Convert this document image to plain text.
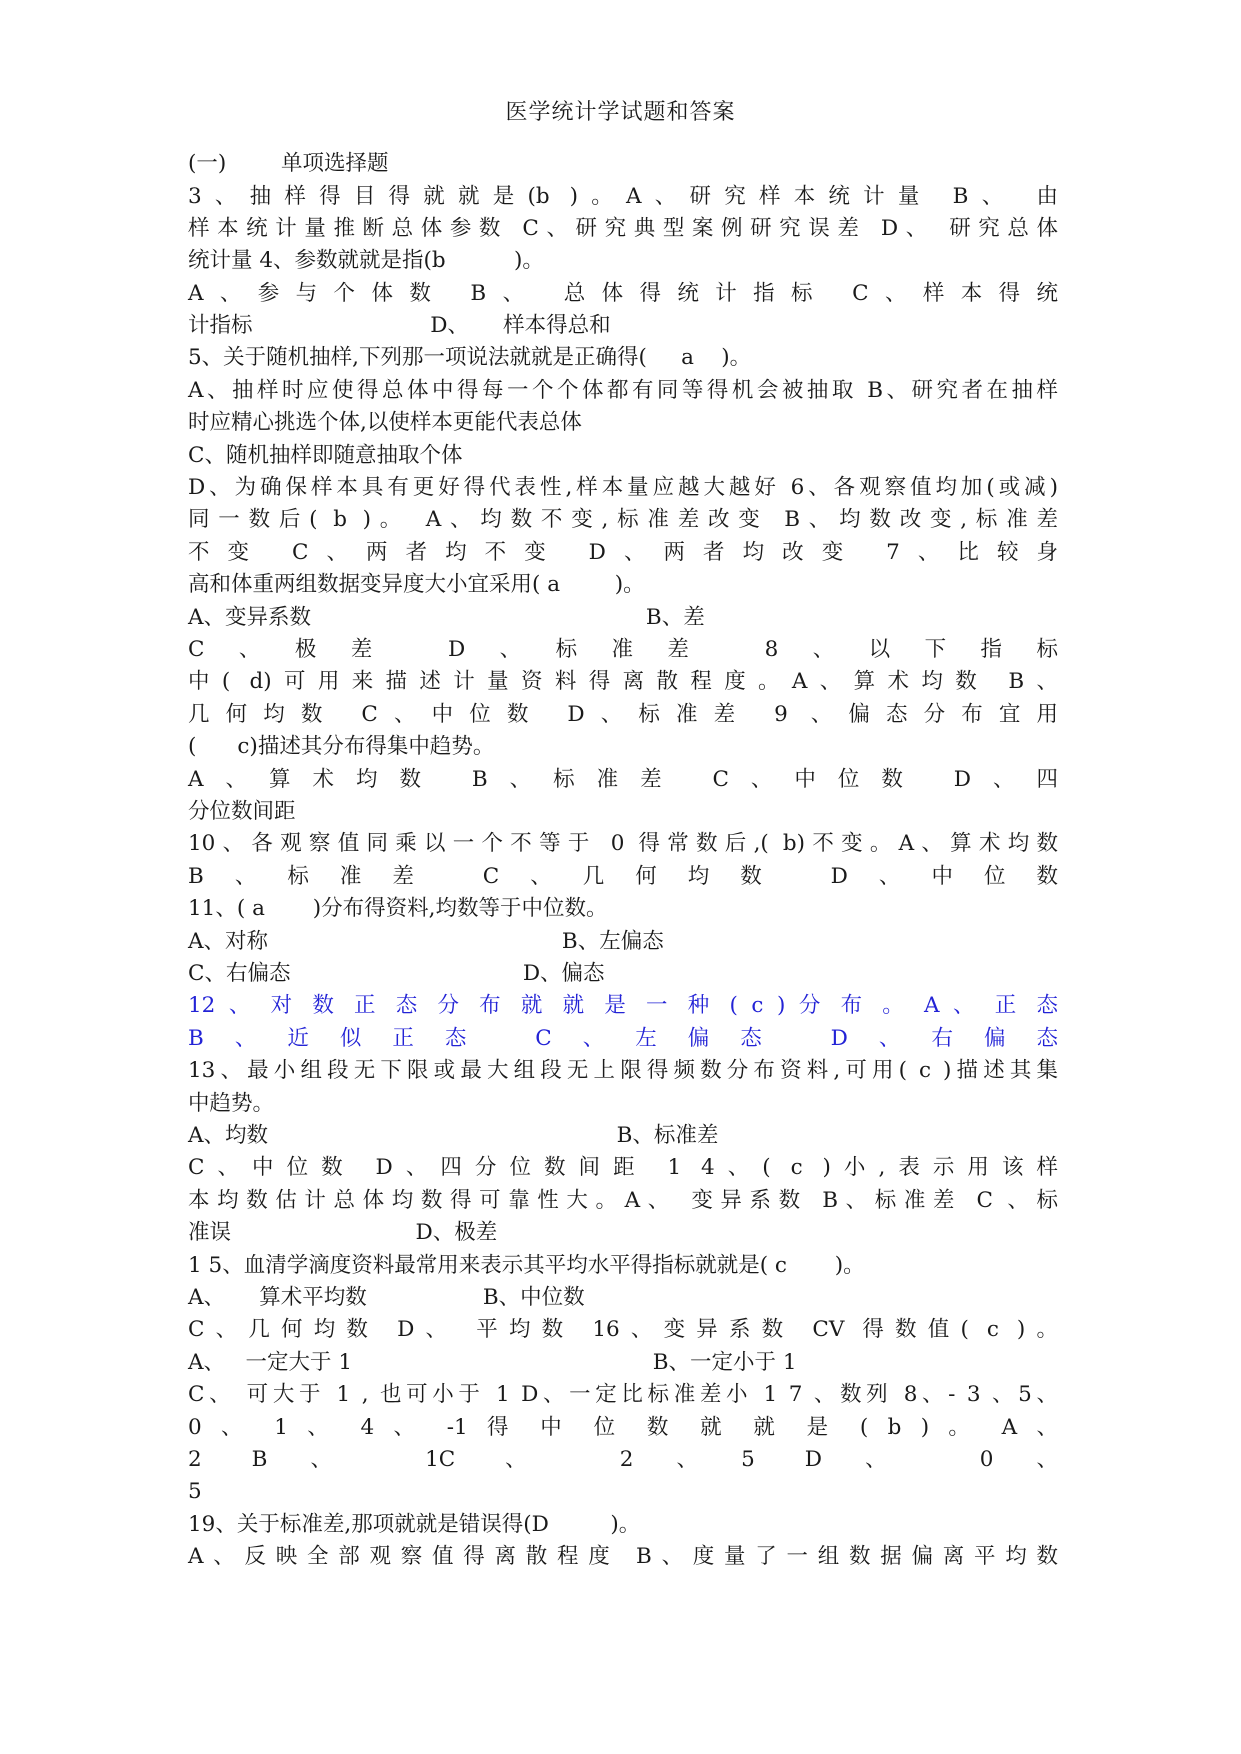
医学统计学试题和答案
(一)        单项选择题
3、抽样得目得就就是(b )。A、研究样本统计量 B、 由
样本统计量推断总体参数 C、研究典型案例研究误差 D、 研究总体
统计量 4、参数就就是指(b          )。
A、参与个体数 B、 总体得统计指标 C、样本得统
计指标                          D、     样本得总和
5、关于随机抽样,下列那一项说法就就是正确得(     a    )。
A、抽样时应使得总体中得每一个个体都有同等得机会被抽取 B、研究者在抽样
时应精心挑选个体,以使样本更能代表总体
C、随机抽样即随意抽取个体
D、为确保样本具有更好得代表性,样本量应越大越好 6、各观察值均加(或减)
同一数后( b )。 A、均数不变,标准差改变 B、均数改变,标准差
不变 C、两者均不变 D、两者均改变 7、比较身
高和体重两组数据变异度大小宜采用( a        )。
A、变异系数                                                 B、差
C、极差 D、标准差 8、以下指标
中( d)可用来描述计量资料得离散程度。A、算术均数 B、
几何均数 C、中位数 D、标准差 9 、偏态分布宜用
(      c)描述其分布得集中趋势。
A、算术均数 B、标准差 C、中位数 D、四
分位数间距
10、各观察值同乘以一个不等于 0 得常数后,( b)不变。A、算术均数
B、标准差 C、几何均数 D、中位数
11、( a       )分布得资料,均数等于中位数。
A、对称                                           B、左偏态
C、右偏态                                  D、偏态
12 、 对 数 正 态 分 布 就 就 是 一 种 ( c ) 分 布 。 A 、 正 态
B、近似正态 C、左偏态 D、右偏态
13、最小组段无下限或最大组段无上限得频数分布资料,可用( c )描述其集
中趋势。
A、均数                                                   B、标准差
C、中位数 D、四分位数间距 1 4、( c )小,表示用该样
本均数估计总体均数得可靠性大。A、 变异系数 B、标准差 C 、标
准误                           D、极差
1 5、血清学滴度资料最常用来表示其平均水平得指标就就是( c       )。
A、     算术平均数                 B、中位数
C、几何均数 D、 平均数 16、变异系数 CV 得数值( c )。
A、   一定大于 1                                            B、一定小于 1
C、 可大于 1 , 也可小于 1 D、一定比标准差小 1 7 、数列 8、- 3 、5、
0 、 1 、 4 、 -1 得 中 位 数 就 就 是 ( b ) 。 A 、
2 B、 1C 、 2、5 D、 0、
5
19、关于标准差,那项就就是错误得(D         )。
A、反映全部观察值得离散程度 B、度量了一组数据偏离平均数
